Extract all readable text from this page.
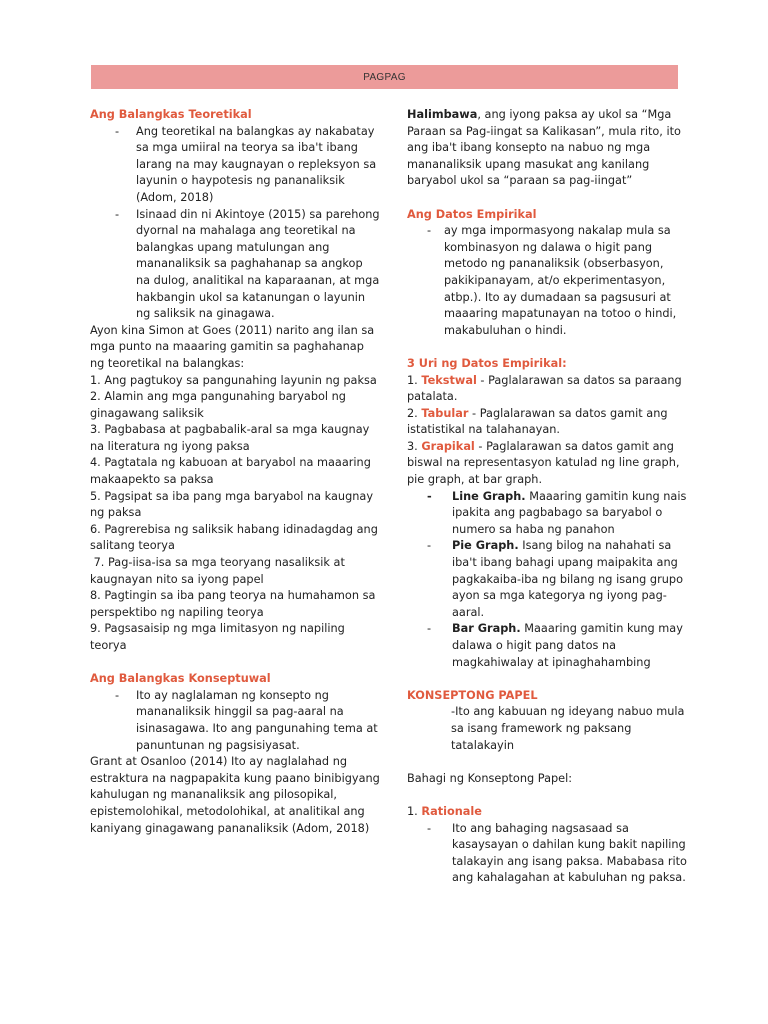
PAGPAG
Ang Balangkas Teoretikal
-	Ang teoretikal na balangkas ay nakabatay sa mga umiiral na teorya sa iba't ibang larang na may kaugnayan o repleksyon sa layunin o haypotesis ng pananaliksik (Adom, 2018)
-	Isinaad din ni Akintoye (2015) sa parehong dyornal na mahalaga ang teoretikal na balangkas upang matulungan ang mananaliksik sa paghahanap sa angkop na dulog, analitikal na kaparaanan, at mga hakbangin ukol sa katanungan o layunin ng saliksik na ginagawa.

Ayon kina Simon at Goes (2011) narito ang ilan sa mga punto na maaaring gamitin sa paghahanap ng teoretikal na balangkas:

1. Ang pagtukoy sa pangunahing layunin ng paksa

2. Alamin ang mga pangunahing baryabol ng ginagawang saliksik

3. Pagbabasa at pagbabalik-aral sa mga kaugnay na literatura ng iyong paksa

4. Pagtatala ng kabuoan at baryabol na maaaring makaapekto sa paksa

5. Pagsipat sa iba pang mga baryabol na kaugnay ng paksa

6. Pagrerebisa ng saliksik habang idinadagdag ang salitang teorya

7. Pag-iisa-isa sa mga teoryang nasaliksik at kaugnayan nito sa iyong papel

8. Pagtingin sa iba pang teorya na humahamon sa perspektibo ng napiling teorya

9. Pagsasaisip ng mga limitasyon ng napiling teorya

Ang Balangkas Konseptuwal
-	Ito ay naglalaman ng konsepto ng mananaliksik hinggil sa pag-aaral na isinasagawa. Ito ang pangunahing tema at panuntunan ng pagsisiyasat.

Grant at Osanloo (2014) Ito ay naglalahad ng estraktura na nagpapakita kung paano binibigyang kahulugan ng mananaliksik ang pilosopikal, epistemolohikal, metodolohikal, at analitikal ang kaniyang ginagawang pananaliksik (Adom, 2018)

Halimbawa, ang iyong paksa ay ukol sa “Mga Paraan sa Pag-iingat sa Kalikasan”, mula rito, ito ang iba't ibang konsepto na nabuo ng mga mananaliksik upang masukat ang kanilang baryabol ukol sa “paraan sa pag-iingat”

Ang Datos Empirikal
-	ay mga impormasyong nakalap mula sa kombinasyon ng dalawa o higit pang metodo ng pananaliksik (obserbasyon, pakikipanayam, at/o ekperimentasyon, atbp.). Ito ay dumadaan sa pagsusuri at maaaring mapatunayan na totoo o hindi, makabuluhan o hindi.
3 Uri ng Datos Empirikal:

1. Tekstwal - Paglalarawan sa datos sa paraang patalata.

2. Tabular - Paglalarawan sa datos gamit ang istatistikal na talahanayan.

3. Grapikal - Paglalarawan sa datos gamit ang biswal na representasyon katulad ng line graph, pie graph, at bar graph.

-	Line Graph. Maaaring gamitin kung nais ipakita ang pagbabago sa baryabol o numero sa haba ng panahon
-	Pie Graph. Isang bilog na nahahati sa iba't ibang bahagi upang maipakita ang pagkakaiba-iba ng bilang ng isang grupo ayon sa mga kategorya ng iyong pag-aaral.
-	Bar Graph. Maaaring gamitin kung may dalawa o higit pang datos na magkahiwalay at ipinaghahambing
KONSEPTONG PAPEL

-Ito ang kabuuan ng ideyang nabuo mula sa isang framework ng paksang tatalakayin

Bahagi ng Konseptong Papel:

1. Rationale

-	Ito ang bahaging nagsasaad sa kasaysayan o dahilan kung bakit napiling talakayin ang isang paksa. Mababasa rito ang kahalagahan at kabuluhan ng paksa.
